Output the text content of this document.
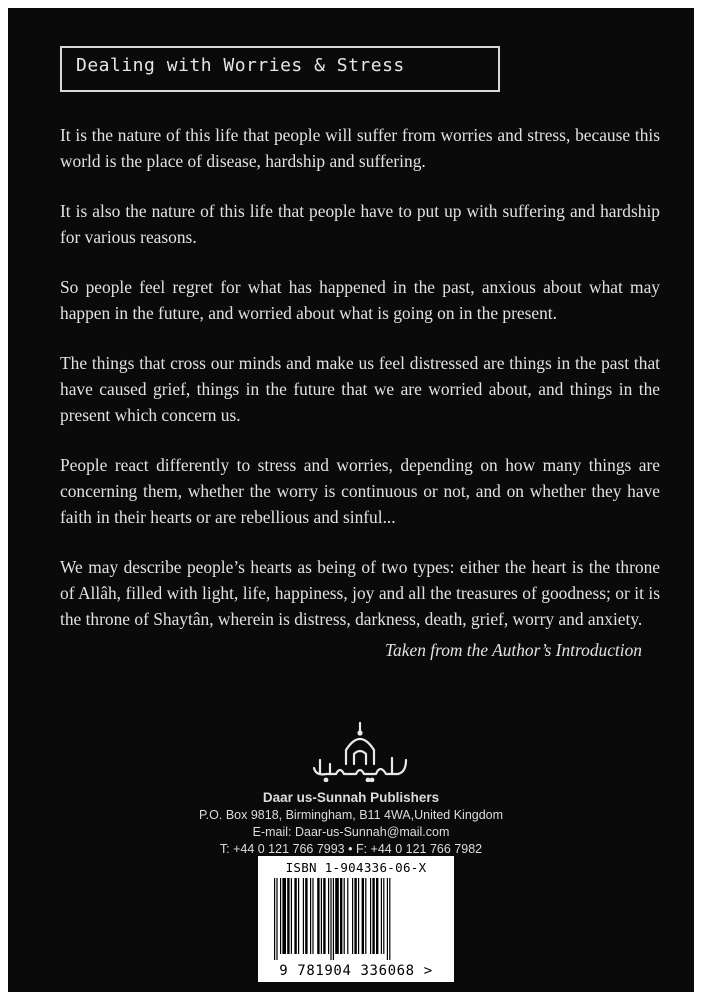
Dealing with Worries & Stress

It is the nature of this life that people will suffer from worries and stress, because this world is the place of disease, hardship and suffering.

It is also the nature of this life that people have to put up with suffering and hardship for various reasons.

So people feel regret for what has happened in the past, anxious about what may happen in the future, and worried about what is going on in the present.

The things that cross our minds and make us feel distressed are things in the past that have caused grief, things in the future that we are worried about, and things in the present which concern us.

People react differently to stress and worries, depending on how many things are concerning them, whether the worry is continuous or not, and on whether they have faith in their hearts or are rebellious and sinful...

We may describe people’s hearts as being of two types: either the heart is the throne of Allâh, filled with light, life, happiness, joy and all the treasures of goodness; or it is the throne of Shaytân, wherein is distress, darkness, death, grief, worry and anxiety.

Taken from the Author’s Introduction
Daar us-Sunnah Publishers
P.O. Box 9818, Birmingham, B11 4WA,United Kingdom
E-mail: Daar-us-Sunnah@mail.com
T: +44 0 121 766 7993 • F: +44 0 121 766 7982
ISBN 1-904336-06-X
9 781904 336068 >
